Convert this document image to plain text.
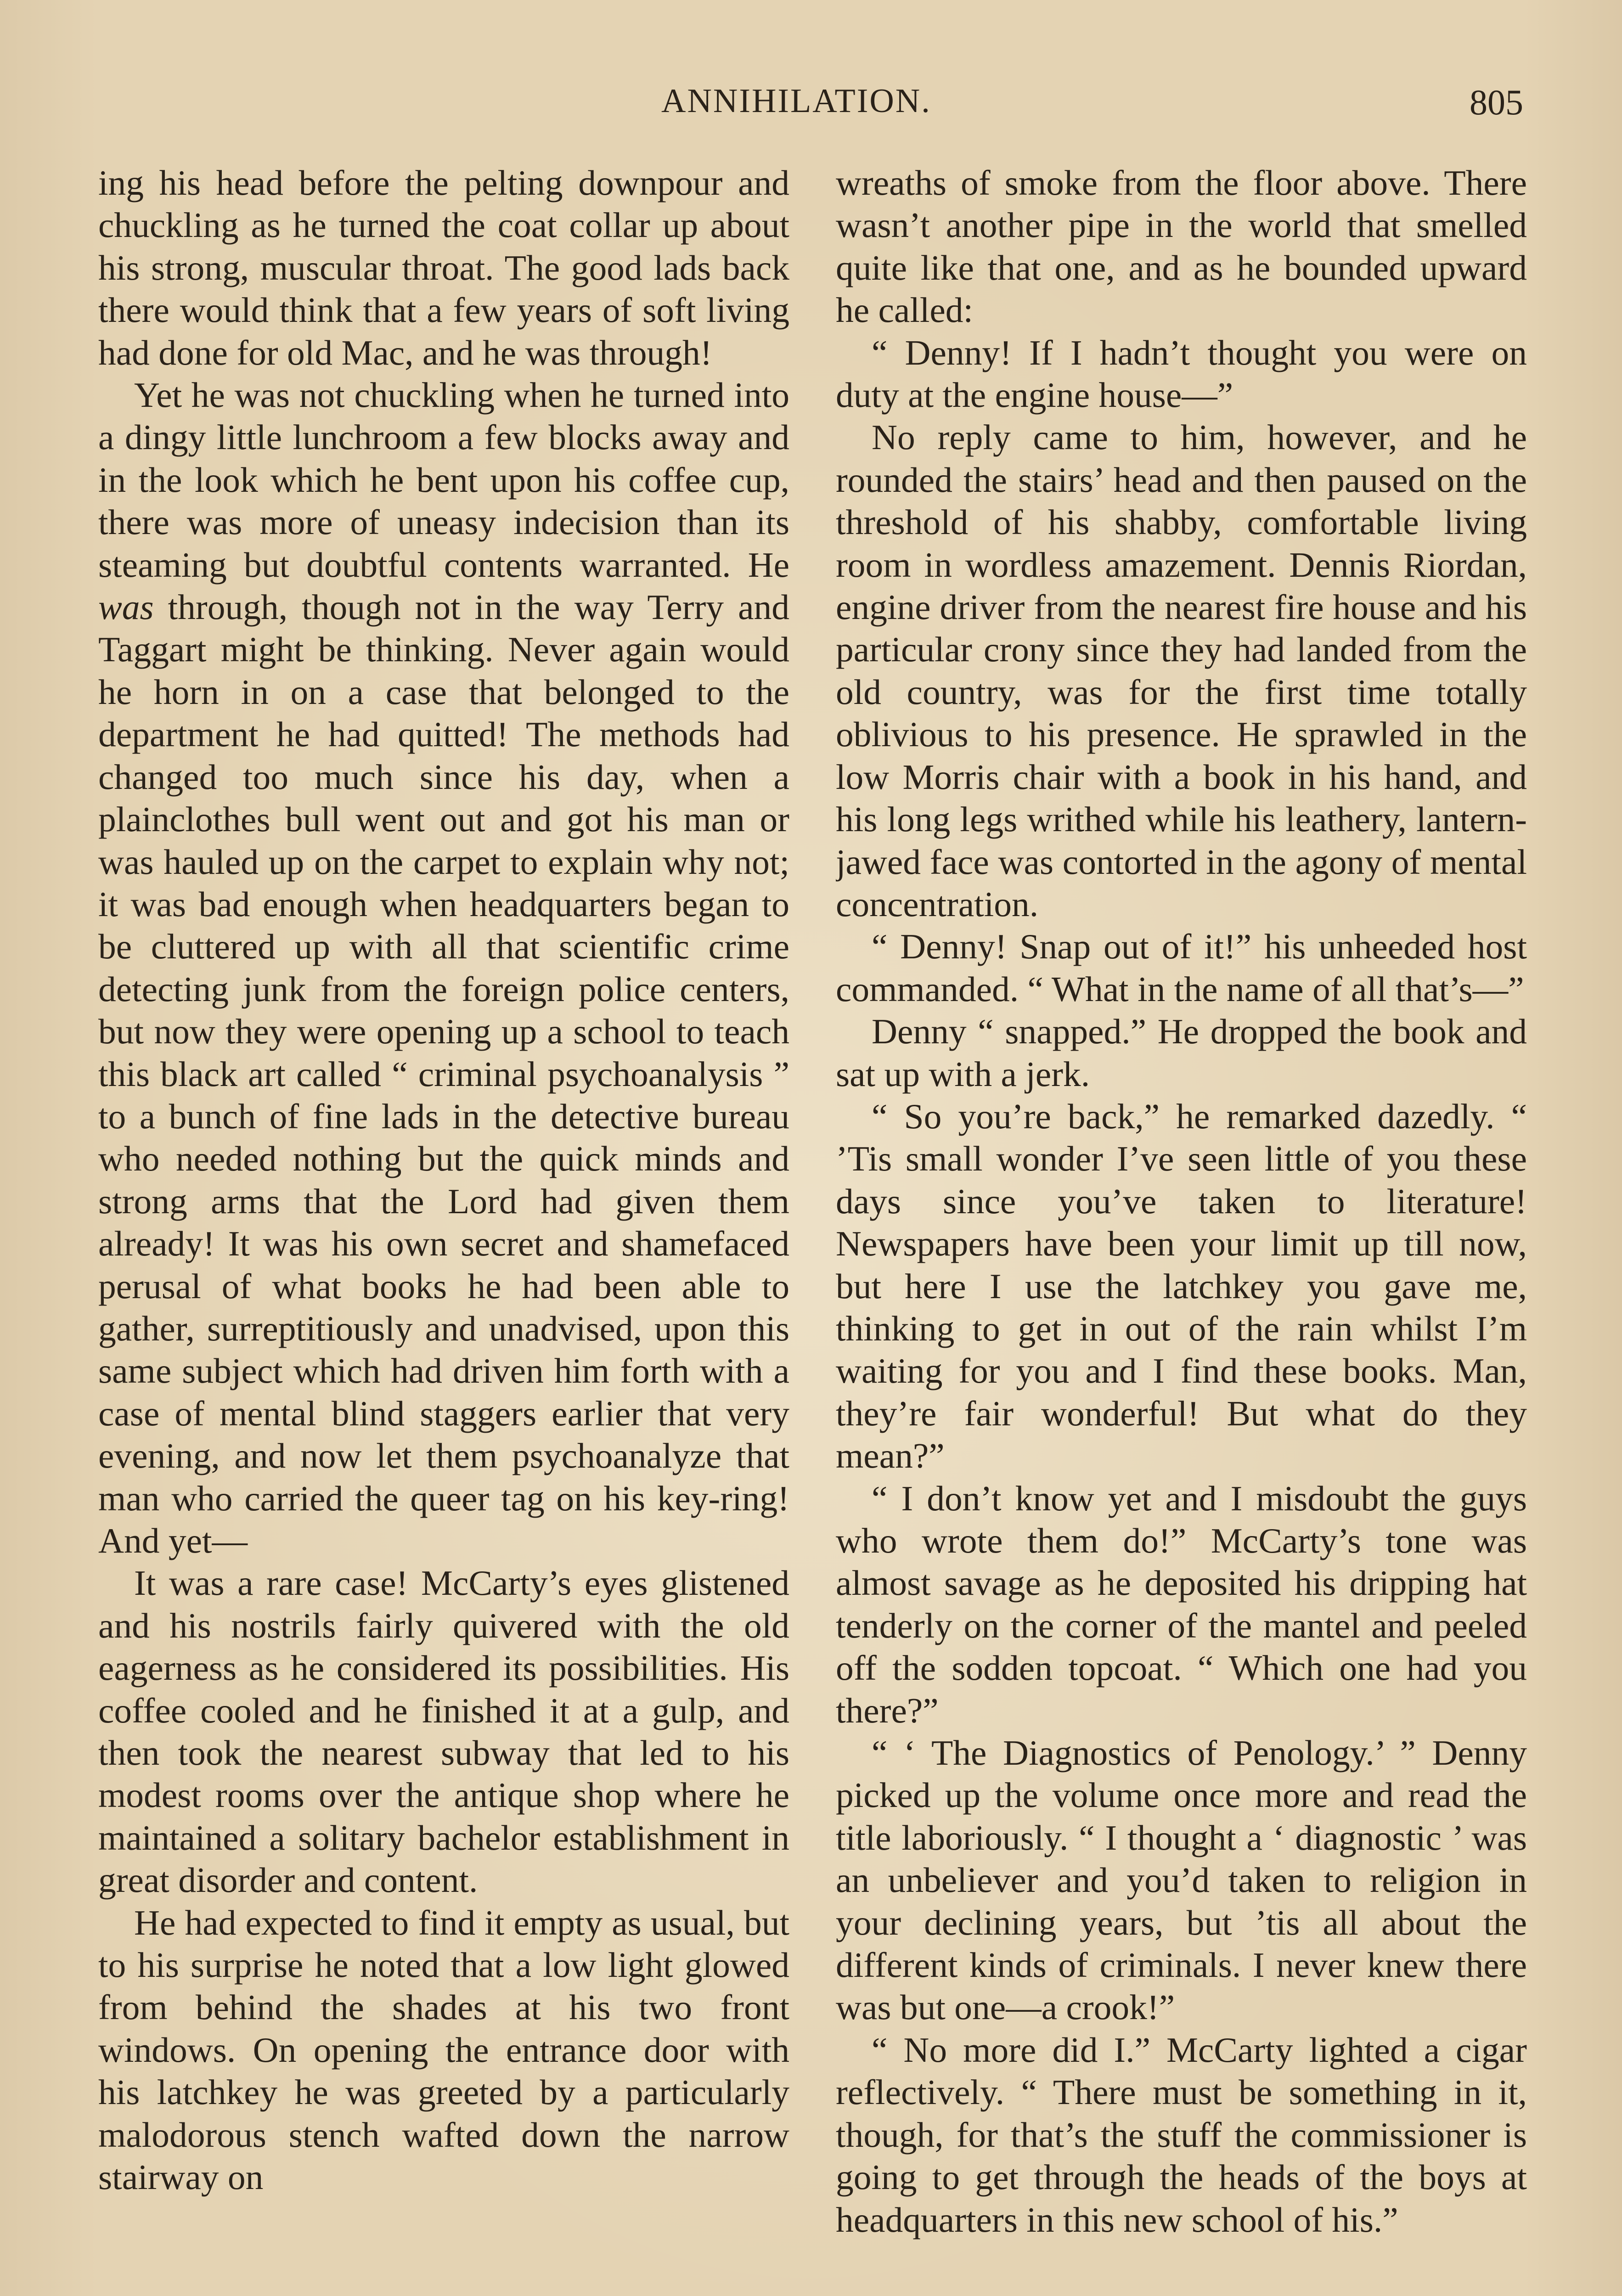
ANNIHILATION.	805

ing his head before the pelting downpour and chuckling as he turned the coat collar up about his strong, muscular throat. The good lads back there would think that a few years of soft living had done for old Mac, and he was through!

Yet he was not chuckling when he turned into a dingy little lunchroom a few blocks away and in the look which he bent upon his coffee cup, there was more of uneasy indecision than its steaming but doubtful contents warranted. He was through, though not in the way Terry and Taggart might be thinking. Never again would he horn in on a case that belonged to the department he had quitted! The methods had changed too much since his day, when a plainclothes bull went out and got his man or was hauled up on the carpet to explain why not; it was bad enough when headquarters began to be cluttered up with all that scientific crime detecting junk from the foreign police centers, but now they were opening up a school to teach this black art called “ criminal psychoanalysis ” to a bunch of fine lads in the detective bureau who needed nothing but the quick minds and strong arms that the Lord had given them already! It was his own secret and shamefaced perusal of what books he had been able to gather, surreptitiously and unadvised, upon this same subject which had driven him forth with a case of mental blind staggers earlier that very evening, and now let them psychoanalyze that man who carried the queer tag on his key-ring! And yet—

It was a rare case! McCarty’s eyes glistened and his nostrils fairly quivered with the old eagerness as he considered its possibilities. His coffee cooled and he finished it at a gulp, and then took the nearest subway that led to his modest rooms over the antique shop where he maintained a solitary bachelor establishment in great disorder and content.

He had expected to find it empty as usual, but to his surprise he noted that a low light glowed from behind the shades at his two front windows. On opening the entrance door with his latchkey he was greeted by a particularly malodorous stench wafted down the narrow stairway on

wreaths of smoke from the floor above. There wasn’t another pipe in the world that smelled quite like that one, and as he bounded upward he called:

“ Denny! If I hadn’t thought you were on duty at the engine house—”

No reply came to him, however, and he rounded the stairs’ head and then paused on the threshold of his shabby, comfortable living room in wordless amazement. Dennis Riordan, engine driver from the nearest fire house and his particular crony since they had landed from the old country, was for the first time totally oblivious to his presence. He sprawled in the low Morris chair with a book in his hand, and his long legs writhed while his leathery, lantern-jawed face was contorted in the agony of mental concentration.

“ Denny! Snap out of it!” his unheeded host commanded. “ What in the name of all that’s—”

Denny “ snapped.” He dropped the book and sat up with a jerk.

“ So you’re back,” he remarked dazedly. “ ’Tis small wonder I’ve seen little of you these days since you’ve taken to literature! Newspapers have been your limit up till now, but here I use the latchkey you gave me, thinking to get in out of the rain whilst I’m waiting for you and I find these books. Man, they’re fair wonderful! But what do they mean?”

“ I don’t know yet and I misdoubt the guys who wrote them do!” McCarty’s tone was almost savage as he deposited his dripping hat tenderly on the corner of the mantel and peeled off the sodden topcoat. “ Which one had you there?”

“ ‘ The Diagnostics of Penology.’ ” Denny picked up the volume once more and read the title laboriously. “ I thought a ‘ diagnostic ’ was an unbeliever and you’d taken to religion in your declining years, but ’tis all about the different kinds of criminals. I never knew there was but one—a crook!”

“ No more did I.” McCarty lighted a cigar reflectively. “ There must be something in it, though, for that’s the stuff the commissioner is going to get through the heads of the boys at headquarters in this new school of his.”
